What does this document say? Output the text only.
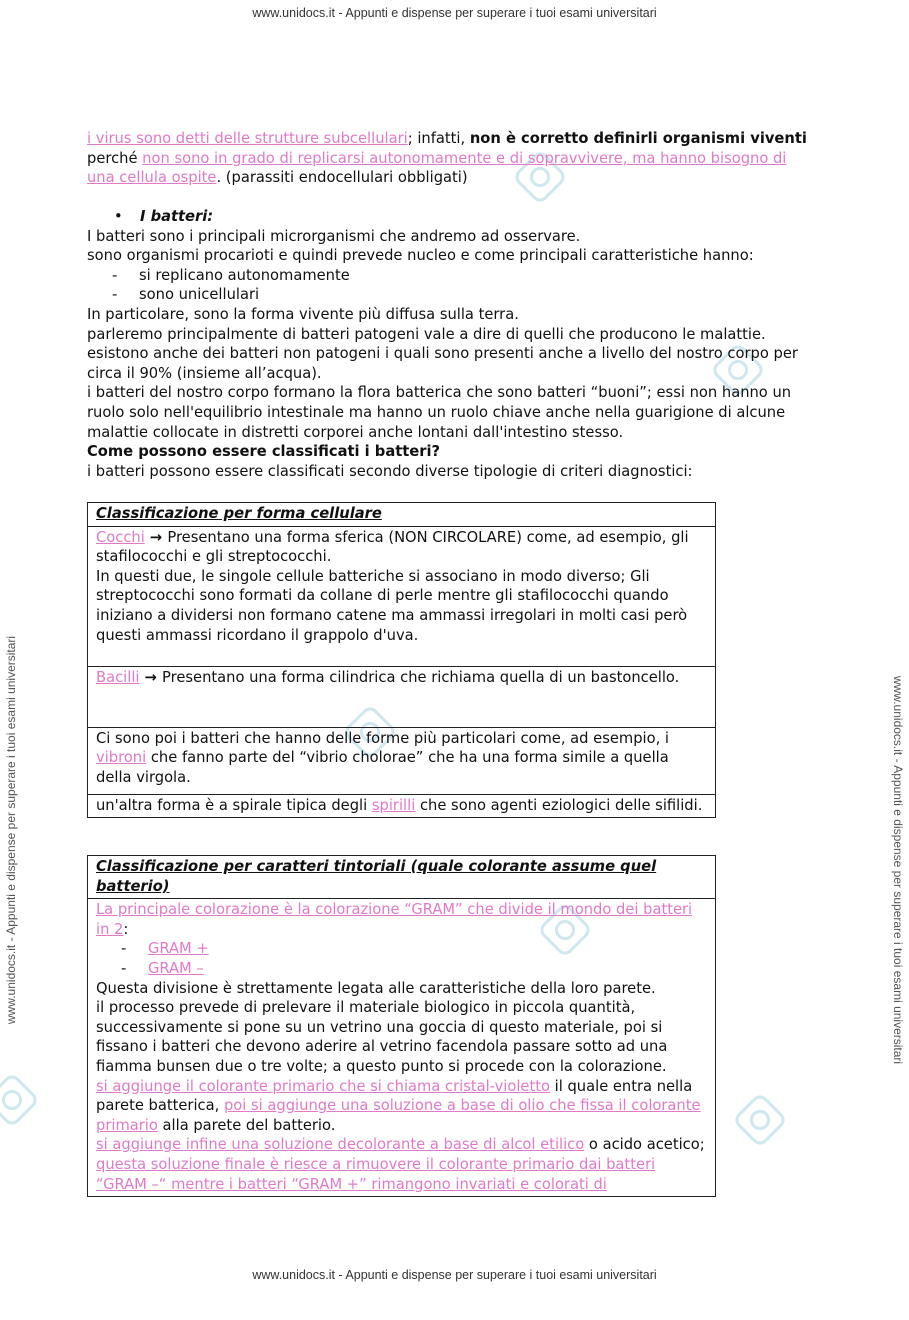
www.unidocs.it - Appunti e dispense per superare i tuoi esami universitari
www.unidocs.it - Appunti e dispense per superare i tuoi esami universitari
www.unidocs.it - Appunti e dispense per superare i tuoi esami universitari	www.unidocs.it - Appunti e dispense per superare i tuoi esami universitari

i virus sono detti delle strutture subcellulari; infatti, non è corretto definirli organismi viventi

perché non sono in grado di replicarsi autonomamente e di sopravvivere, ma hanno bisogno di una cellula ospite. (parassiti endocellulari obbligati)

• I batteri:

I batteri sono i principali microrganismi che andremo ad osservare.

sono organismi procarioti e quindi prevede nucleo e come principali caratteristiche hanno:

- si replicano autonomamente

- sono unicellulari

In particolare, sono la forma vivente più diffusa sulla terra.

parleremo principalmente di batteri patogeni vale a dire di quelli che producono le malattie.

esistono anche dei batteri non patogeni i quali sono presenti anche a livello del nostro corpo per circa il 90% (insieme all’acqua).

i batteri del nostro corpo formano la flora batterica che sono batteri “buoni”; essi non hanno un ruolo solo nell'equilibrio intestinale ma hanno un ruolo chiave anche nella guarigione di alcune malattie collocate in distretti corporei anche lontani dall'intestino stesso.

Come possono essere classificati i batteri?

i batteri possono essere classificati secondo diverse tipologie di criteri diagnostici:

Classificazione per forma cellulare
Cocchi → Presentano una forma sferica (NON CIRCOLARE) come, ad esempio, gli stafilococchi e gli streptococchi.
In questi due, le singole cellule batteriche si associano in modo diverso; Gli streptococchi sono formati da collane di perle mentre gli stafilococchi quando iniziano a dividersi non formano catene ma ammassi irregolari in molti casi però questi ammassi ricordano il grappolo d'uva.
Bacilli → Presentano una forma cilindrica che richiama quella di un bastoncello.
Ci sono poi i batteri che hanno delle forme più particolari come, ad esempio, i vibroni che fanno parte del “vibrio cholorae” che ha una forma simile a quella della virgola.
un'altra forma è a spirale tipica degli spirilli che sono agenti eziologici delle sifilidi.
Classificazione per caratteri tintoriali (quale colorante assume quel batterio)
La principale colorazione è la colorazione “GRAM” che divide il mondo dei batteri in 2:
- GRAM +
- GRAM –
Questa divisione è strettamente legata alle caratteristiche della loro parete.
il processo prevede di prelevare il materiale biologico in piccola quantità, successivamente si pone su un vetrino una goccia di questo materiale, poi si fissano i batteri che devono aderire al vetrino facendola passare sotto ad una fiamma bunsen due o tre volte; a questo punto si procede con la colorazione.
si aggiunge il colorante primario che si chiama cristal-violetto il quale entra nella parete batterica, poi si aggiunge una soluzione a base di olio che fissa il colorante primario alla parete del batterio.
si aggiunge infine una soluzione decolorante a base di alcol etilico o acido acetico; questa soluzione finale è riesce a rimuovere il colorante primario dai batteri “GRAM –“ mentre i batteri “GRAM +” rimangono invariati e colorati di
